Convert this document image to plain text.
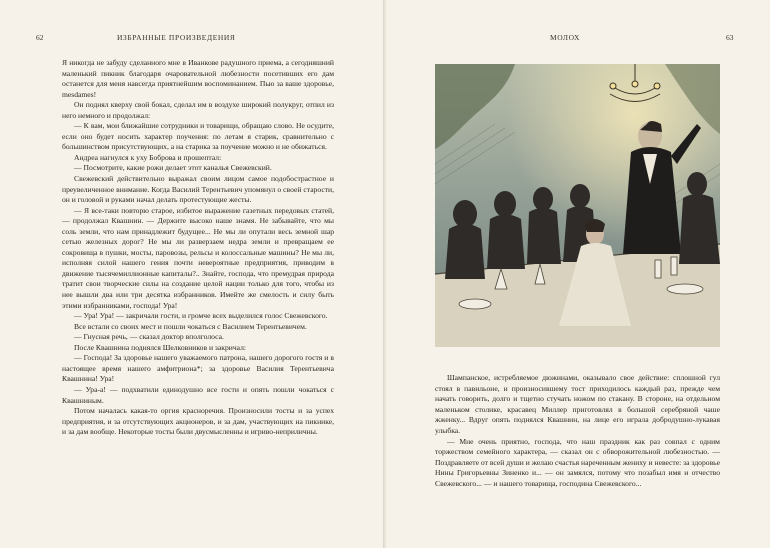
62	ИЗБРАННЫЕ ПРОИЗВЕДЕНИЯ

Я никогда не забуду сделанного мне в Иванкове радушного приема, а сегодняшний маленький пикник благодаря очаровательной любезности посетивших его дам останется для меня навсегда приятнейшим воспоминанием. Пью за ваше здоровье, mesdames!

Он поднял кверху свой бокал, сделал им в воздухе широкий полукруг, отпил из него немного и продолжал:

— К вам, мои ближайшие сотрудники и товарищи, обращаю слово. Не осудите, если оно будет носить характер поучения: по летам я старик, сравнительно с большинством присутствующих, а на старика за поучение можно и не обижаться.

Андреа нагнулся к уху Боброва и прошептал:

— Посмотрите, какие рожи делает этот каналья Свежевский.

Свежевский действительно выражал своим лицом самое подобострастное и преувеличенное внимание. Когда Василий Терентьевич упомянул о своей старости, он и головой и руками начал делать протестующие жесты.

— Я все-таки повторю старое, избитое выражение газетных передовых статей, — продолжал Квашнин. — Держите высоко наше знамя. Не забывайте, что мы соль земли, что нам принадлежит будущее... Не мы ли опутали весь земной шар сетью железных дорог? Не мы ли разверзаем недра земли и превращаем ее сокровища в пушки, мосты, паровозы, рельсы и колоссальные машины? Не мы ли, исполняя силой нашего гения почти невероятные предприятия, приводим в движение тысячемиллионные капиталы?.. Знайте, господа, что премудрая природа тратит свои творческие силы на создание целой нации только для того, чтобы из нее вышли два или три десятка избранников. Имейте же смелость и силу быть этими избранниками, господа! Ура!

— Ура! Ура! — закричали гости, и громче всех выделился голос Свежевского.

Все встали со своих мест и пошли чокаться с Василием Терентьевичем.

— Гнусная речь, — сказал доктор вполголоса.

После Квашнина поднялся Шелковников и закричал:

— Господа! За здоровье нашего уважаемого патрона, нашего дорогого гостя и в настоящее время нашего амфитриона*; за здоровье Василия Терентьевича Квашнина! Ура!

— Ура-а! — подхватили единодушно все гости и опять пошли чокаться с Квашниным.

Потом началась какая-то оргия красноречия. Произносили тосты и за успех предприятия, и за отсутствующих акционеров, и за дам, участвующих на пикнике, и за дам вообще. Некоторые тосты были двусмысленны и игриво-неприличны.

МОЛОХ	63

Шампанское, истребляемое дюжинами, оказывало свое действие: сплошной гул стоял в павильоне, и произносившему тост приходилось каждый раз, прежде чем начать говорить, долго и тщетно стучать ножом по стакану. В стороне, на отдельном маленьком столике, красавец Миллер приготовлял в большой серебряной чаше жженку... Вдруг опять поднялся Квашнин, на лице его играла добродушно-лукавая улыбка.

— Мне очень приятно, господа, что наш праздник как раз совпал с одним торжеством семейного характера, — сказал он с обворожительной любезностью. — Поздравляете от всей души и желаю счастья нареченным жениху и невесте: за здоровье Нины Григорьевны Зиненко и... — он замялся, потому что позабыл имя и отчество Свежевского... — и нашего товарища, господина Свежевского...
